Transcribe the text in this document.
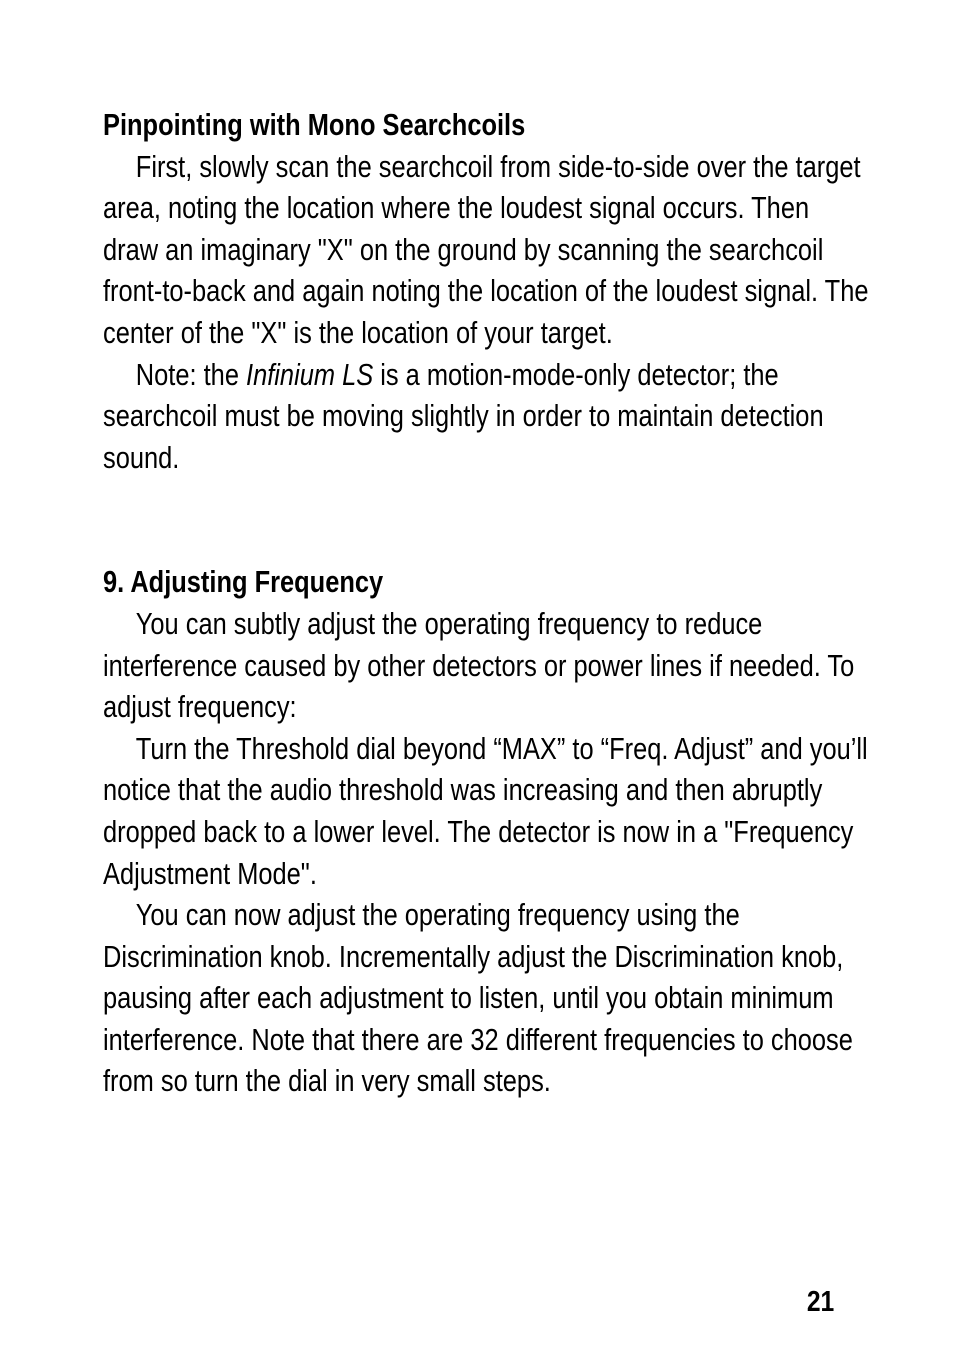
Pinpointing with Mono Searchcoils

First, slowly scan the searchcoil from side-to-side over the target area, noting the location where the loudest signal occurs. Then draw an imaginary "X" on the ground by scanning the searchcoil front-to-back and again noting the location of the loudest signal. The center of the "X" is the location of your target.

Note: the Infinium LS is a motion-mode-only detector; the searchcoil must be moving slightly in order to maintain detection sound.

9. Adjusting Frequency

You can subtly adjust the operating frequency to reduce interference caused by other detectors or power lines if needed. To adjust frequency:

Turn the Threshold dial beyond “MAX” to “Freq. Adjust” and you’ll notice that the audio threshold was increasing and then abruptly dropped back to a lower level. The detector is now in a "Frequency Adjustment Mode".

You can now adjust the operating frequency using the Discrimination knob. Incrementally adjust the Discrimination knob, pausing after each adjustment to listen, until you obtain minimum interference. Note that there are 32 different frequencies to choose from so turn the dial in very small steps.

21
